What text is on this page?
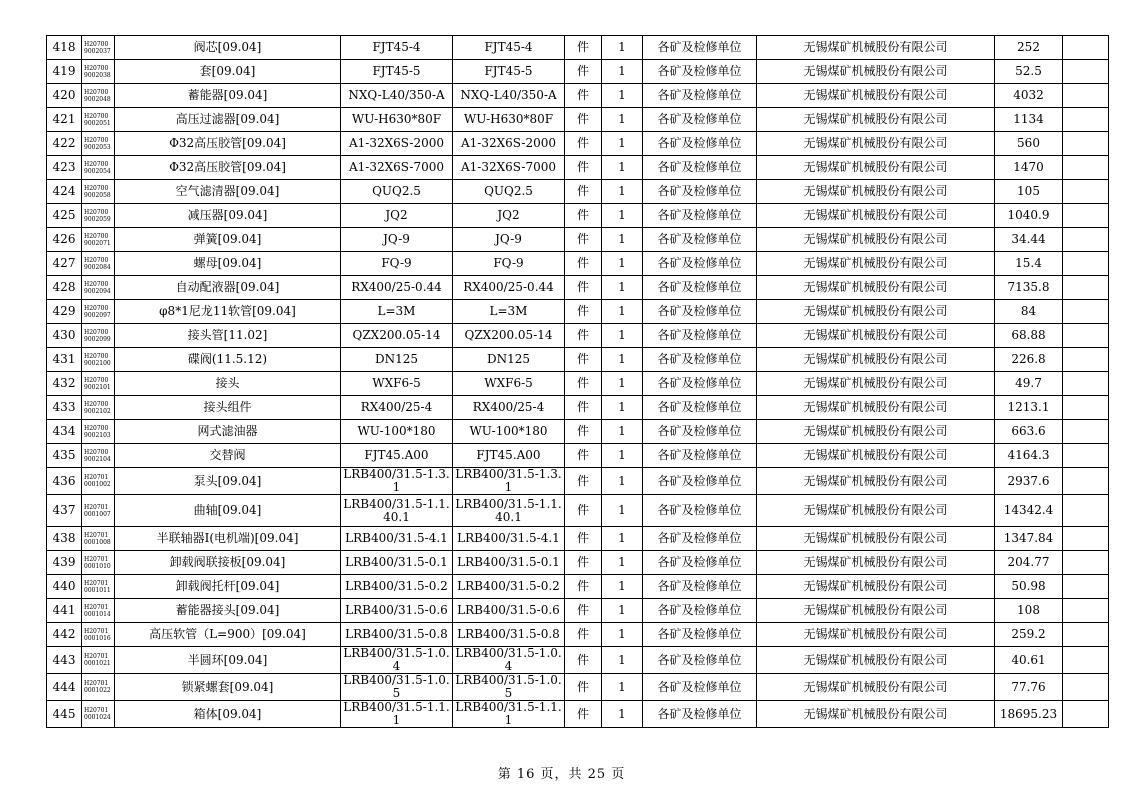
418	H207009002037	阀芯[09.04]	FJT45-4	FJT45-4	件	1	各矿及检修单位	无锡煤矿机械股份有限公司	252	
419	H207009002038	套[09.04]	FJT45-5	FJT45-5	件	1	各矿及检修单位	无锡煤矿机械股份有限公司	52.5	
420	H207009002048	蓄能器[09.04]	NXQ-L40/350-A	NXQ-L40/350-A	件	1	各矿及检修单位	无锡煤矿机械股份有限公司	4032	
421	H207009002051	高压过滤器[09.04]	WU-H630*80F	WU-H630*80F	件	1	各矿及检修单位	无锡煤矿机械股份有限公司	1134	
422	H207009002053	Φ32高压胶管[09.04]	A1-32X6S-2000	A1-32X6S-2000	件	1	各矿及检修单位	无锡煤矿机械股份有限公司	560	
423	H207009002054	Φ32高压胶管[09.04]	A1-32X6S-7000	A1-32X6S-7000	件	1	各矿及检修单位	无锡煤矿机械股份有限公司	1470	
424	H207009002058	空气滤清器[09.04]	QUQ2.5	QUQ2.5	件	1	各矿及检修单位	无锡煤矿机械股份有限公司	105	
425	H207009002059	减压器[09.04]	JQ2	JQ2	件	1	各矿及检修单位	无锡煤矿机械股份有限公司	1040.9	
426	H207009002071	弹簧[09.04]	JQ-9	JQ-9	件	1	各矿及检修单位	无锡煤矿机械股份有限公司	34.44	
427	H207009002084	螺母[09.04]	FQ-9	FQ-9	件	1	各矿及检修单位	无锡煤矿机械股份有限公司	15.4	
428	H207009002094	自动配液器[09.04]	RX400/25-0.44	RX400/25-0.44	件	1	各矿及检修单位	无锡煤矿机械股份有限公司	7135.8	
429	H207009002097	φ8*1尼龙11软管[09.04]	L=3M	L=3M	件	1	各矿及检修单位	无锡煤矿机械股份有限公司	84	
430	H207009002099	接头管[11.02]	QZX200.05-14	QZX200.05-14	件	1	各矿及检修单位	无锡煤矿机械股份有限公司	68.88	
431	H207009002100	碟阀(11.5.12)	DN125	DN125	件	1	各矿及检修单位	无锡煤矿机械股份有限公司	226.8	
432	H207009002101	接头	WXF6-5	WXF6-5	件	1	各矿及检修单位	无锡煤矿机械股份有限公司	49.7	
433	H207009002102	接头组件	RX400/25-4	RX400/25-4	件	1	各矿及检修单位	无锡煤矿机械股份有限公司	1213.1	
434	H207009002103	网式滤油器	WU-100*180	WU-100*180	件	1	各矿及检修单位	无锡煤矿机械股份有限公司	663.6	
435	H207009002104	交替阀	FJT45.A00	FJT45.A00	件	1	各矿及检修单位	无锡煤矿机械股份有限公司	4164.3	
436	H207010001002	泵头[09.04]	LRB400/31.5-1.3.1	LRB400/31.5-1.3.1	件	1	各矿及检修单位	无锡煤矿机械股份有限公司	2937.6	
437	H207010001007	曲轴[09.04]	LRB400/31.5-1.1.40.1	LRB400/31.5-1.1.40.1	件	1	各矿及检修单位	无锡煤矿机械股份有限公司	14342.4	
438	H207010001008	半联轴器Ⅰ(电机端)[09.04]	LRB400/31.5-4.1	LRB400/31.5-4.1	件	1	各矿及检修单位	无锡煤矿机械股份有限公司	1347.84	
439	H207010001010	卸载阀联接板[09.04]	LRB400/31.5-0.1	LRB400/31.5-0.1	件	1	各矿及检修单位	无锡煤矿机械股份有限公司	204.77	
440	H207010001011	卸载阀托杆[09.04]	LRB400/31.5-0.2	LRB400/31.5-0.2	件	1	各矿及检修单位	无锡煤矿机械股份有限公司	50.98	
441	H207010001014	蓄能器接头[09.04]	LRB400/31.5-0.6	LRB400/31.5-0.6	件	1	各矿及检修单位	无锡煤矿机械股份有限公司	108	
442	H207010001016	高压软管（L=900）[09.04]	LRB400/31.5-0.8	LRB400/31.5-0.8	件	1	各矿及检修单位	无锡煤矿机械股份有限公司	259.2	
443	H207010001021	半圆环[09.04]	LRB400/31.5-1.0.4	LRB400/31.5-1.0.4	件	1	各矿及检修单位	无锡煤矿机械股份有限公司	40.61	
444	H207010001022	锁紧螺套[09.04]	LRB400/31.5-1.0.5	LRB400/31.5-1.0.5	件	1	各矿及检修单位	无锡煤矿机械股份有限公司	77.76	
445	H207010001024	箱体[09.04]	LRB400/31.5-1.1.1	LRB400/31.5-1.1.1	件	1	各矿及检修单位	无锡煤矿机械股份有限公司	18695.23	
第 16 页，共 25 页
